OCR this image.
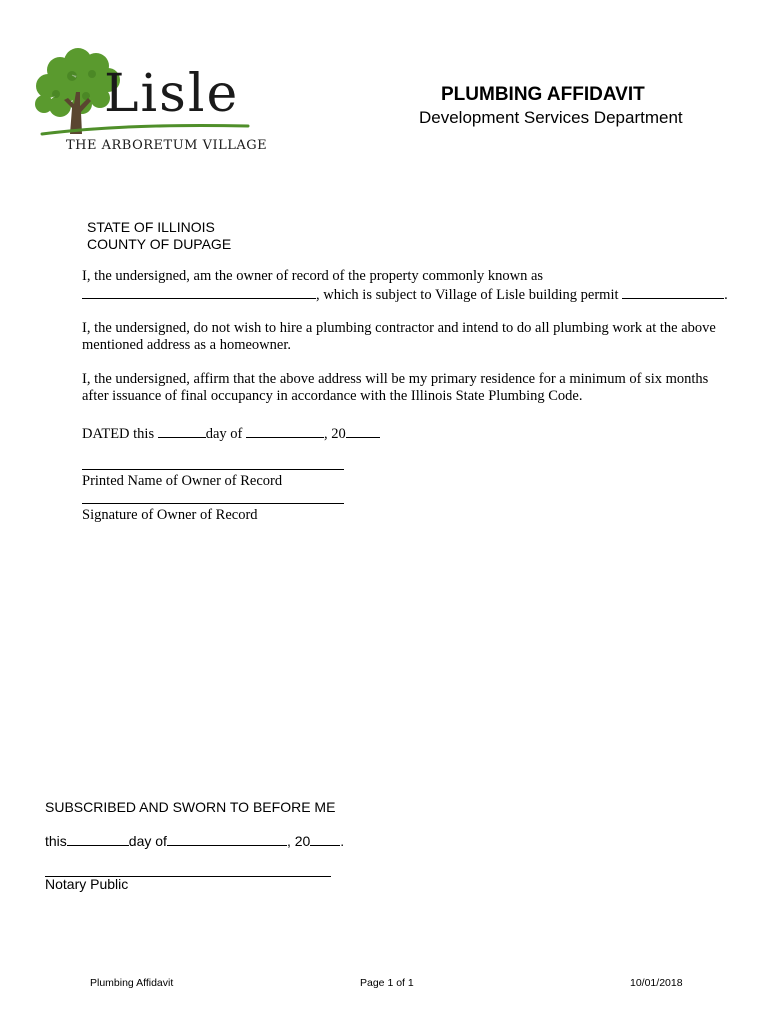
Lisle
THE ARBORETUM VILLAGE
PLUMBING AFFIDAVIT
Development Services Department
STATE OF ILLINOIS
COUNTY OF DUPAGE
I, the undersigned, am the owner of record of the property commonly known as
, which is subject to Village of Lisle building permit	.
I, the undersigned, do not wish to hire a plumbing contractor and intend to do all plumbing work at the above
mentioned address as a homeowner.
I, the undersigned, affirm that the above address will be my primary residence for a minimum of six months
after issuance of final occupancy in accordance with the Illinois State Plumbing Code.
DATED this	day of	, 20
Printed Name of Owner of Record
Signature of Owner of Record
SUBSCRIBED AND SWORN TO BEFORE ME
this	day of	, 20 .
Notary Public
Plumbing Affidavit	Page 1 of 1	10/01/2018
